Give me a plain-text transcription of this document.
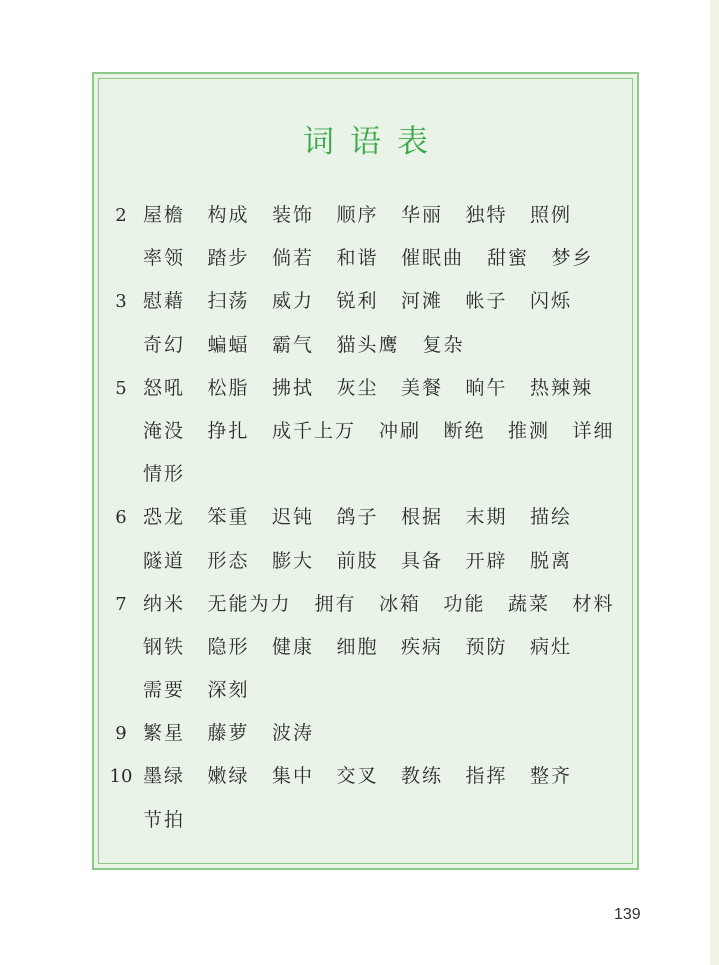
词语表
2 屋檐 构成 装饰 顺序 华丽 独特 照例
率领 踏步 倘若 和谐 催眠曲 甜蜜 梦乡
3 慰藉 扫荡 威力 锐利 河滩 帐子 闪烁
奇幻 蝙蝠 霸气 猫头鹰 复杂
5 怒吼 松脂 拂拭 灰尘 美餐 晌午 热辣辣
淹没 挣扎 成千上万 冲刷 断绝 推测 详细
情形
6 恐龙 笨重 迟钝 鸽子 根据 末期 描绘
隧道 形态 膨大 前肢 具备 开辟 脱离
7 纳米 无能为力 拥有 冰箱 功能 蔬菜 材料
钢铁 隐形 健康 细胞 疾病 预防 病灶
需要 深刻
9 繁星 藤萝 波涛
10 墨绿 嫩绿 集中 交叉 教练 指挥 整齐
节拍
139
